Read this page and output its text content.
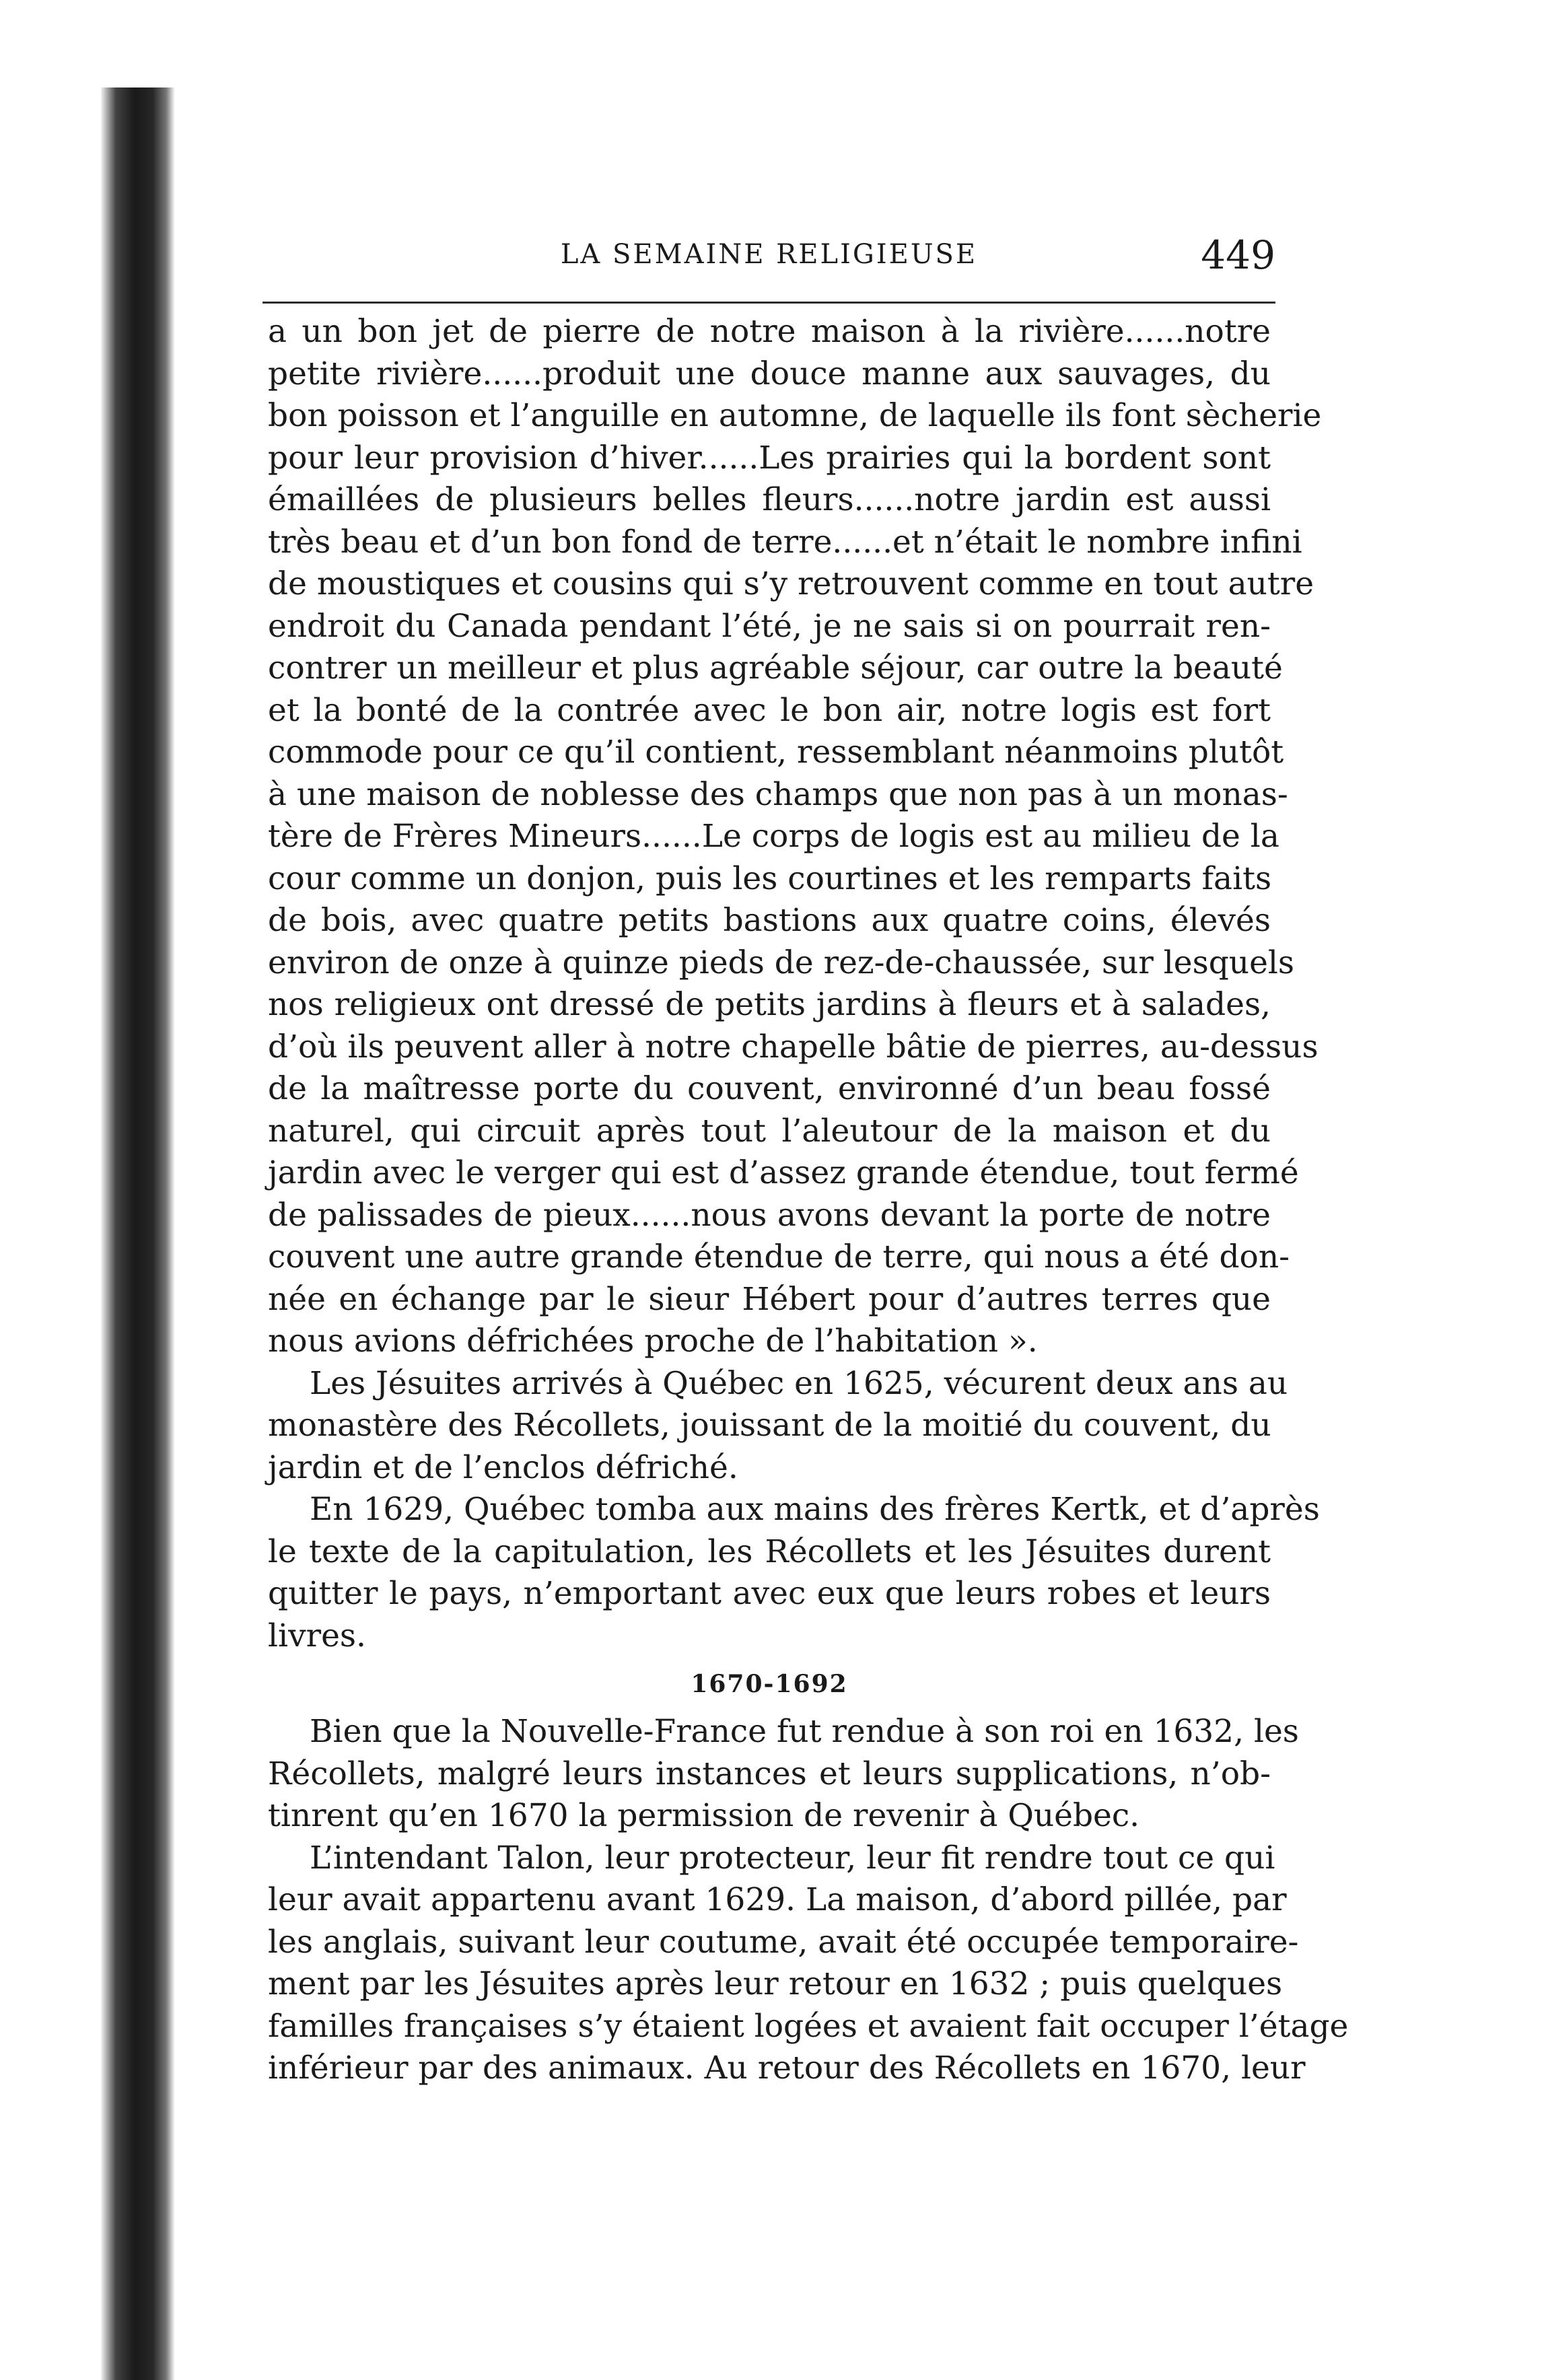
LA SEMAINE RELIGIEUSE	449
a un bon jet de pierre de notre maison à la rivière......notre
petite rivière......produit une douce manne aux sauvages, du
bon poisson et l’anguille en automne, de laquelle ils font sècherie
pour leur provision d’hiver......Les prairies qui la bordent sont
émaillées de plusieurs belles fleurs......notre jardin est aussi
très beau et d’un bon fond de terre......et n’était le nombre infini
de moustiques et cousins qui s’y retrouvent comme en tout autre
endroit du Canada pendant l’été, je ne sais si on pourrait ren-
contrer un meilleur et plus agréable séjour, car outre la beauté
et la bonté de la contrée avec le bon air, notre logis est fort
commode pour ce qu’il contient, ressemblant néanmoins plutôt
à une maison de noblesse des champs que non pas à un monas-
tère de Frères Mineurs......Le corps de logis est au milieu de la
cour comme un donjon, puis les courtines et les remparts faits
de bois, avec quatre petits bastions aux quatre coins, élevés
environ de onze à quinze pieds de rez-de-chaussée, sur lesquels
nos religieux ont dressé de petits jardins à fleurs et à salades,
d’où ils peuvent aller à notre chapelle bâtie de pierres, au-dessus
de la maîtresse porte du couvent, environné d’un beau fossé
naturel, qui circuit après tout l’aleutour de la maison et du
jardin avec le verger qui est d’assez grande étendue, tout fermé
de palissades de pieux......nous avons devant la porte de notre
couvent une autre grande étendue de terre, qui nous a été don-
née en échange par le sieur Hébert pour d’autres terres que
nous avions défrichées proche de l’habitation ».
Les Jésuites arrivés à Québec en 1625, vécurent deux ans au
monastère des Récollets, jouissant de la moitié du couvent, du
jardin et de l’enclos défriché.
En 1629, Québec tomba aux mains des frères Kertk, et d’après
le texte de la capitulation, les Récollets et les Jésuites durent
quitter le pays, n’emportant avec eux que leurs robes et leurs
livres.
1670-1692
Bien que la Nouvelle-France fut rendue à son roi en 1632, les
Récollets, malgré leurs instances et leurs supplications, n’ob-
tinrent qu’en 1670 la permission de revenir à Québec.
L’intendant Talon, leur protecteur, leur fit rendre tout ce qui
leur avait appartenu avant 1629. La maison, d’abord pillée, par
les anglais, suivant leur coutume, avait été occupée temporaire-
ment par les Jésuites après leur retour en 1632 ; puis quelques
familles françaises s’y étaient logées et avaient fait occuper l’étage
inférieur par des animaux. Au retour des Récollets en 1670, leur
